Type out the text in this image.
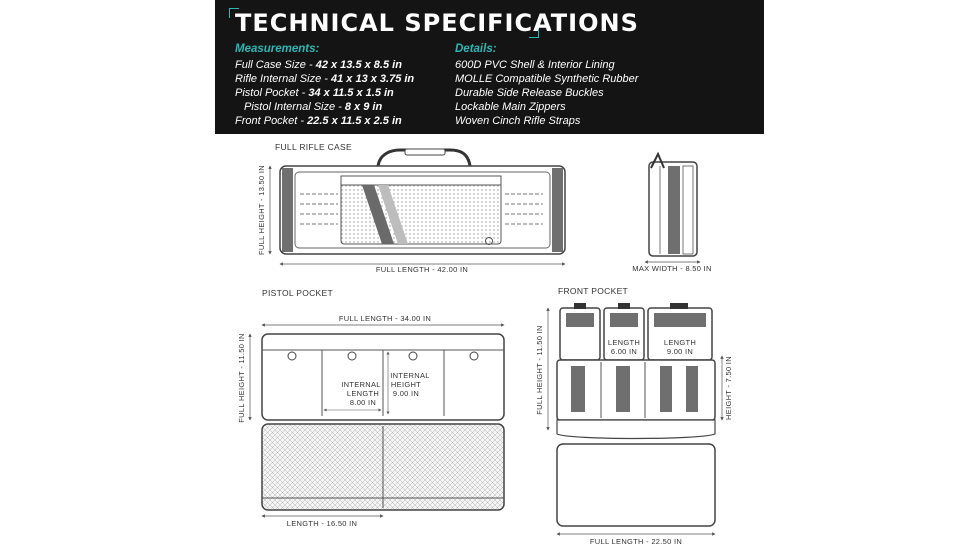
TECHNICAL SPECIFICATIONS
Measurements:
Full Case Size - 42 x 13.5 x 8.5 in
Rifle Internal Size - 41 x 13 x 3.75 in
Pistol Pocket - 34 x 11.5 x 1.5 in
Pistol Internal Size - 8 x 9 in
Front Pocket - 22.5 x 11.5 x 2.5 in
Details:
600D PVC Shell & Interior Lining
MOLLE Compatible Synthetic Rubber
Durable Side Release Buckles
Lockable Main Zippers
Woven Cinch Rifle Straps
FULL RIFLE CASE
FULL LENGTH - 42.00 IN
FULL HEIGHT - 13.50 IN
MAX WIDTH - 8.50 IN
PISTOL POCKET
FULL LENGTH - 34.00 IN
FULL HEIGHT - 11.50 IN	INTERNAL
LENGTH
8.00 IN
INTERNAL
HEIGHT
9.00 IN
LENGTH - 16.50 IN
FRONT POCKET
LENGTH
6.00 IN
LENGTH
9.00 IN
FULL HEIGHT - 11.50 IN	HEIGHT - 7.50 IN
FULL LENGTH - 22.50 IN
